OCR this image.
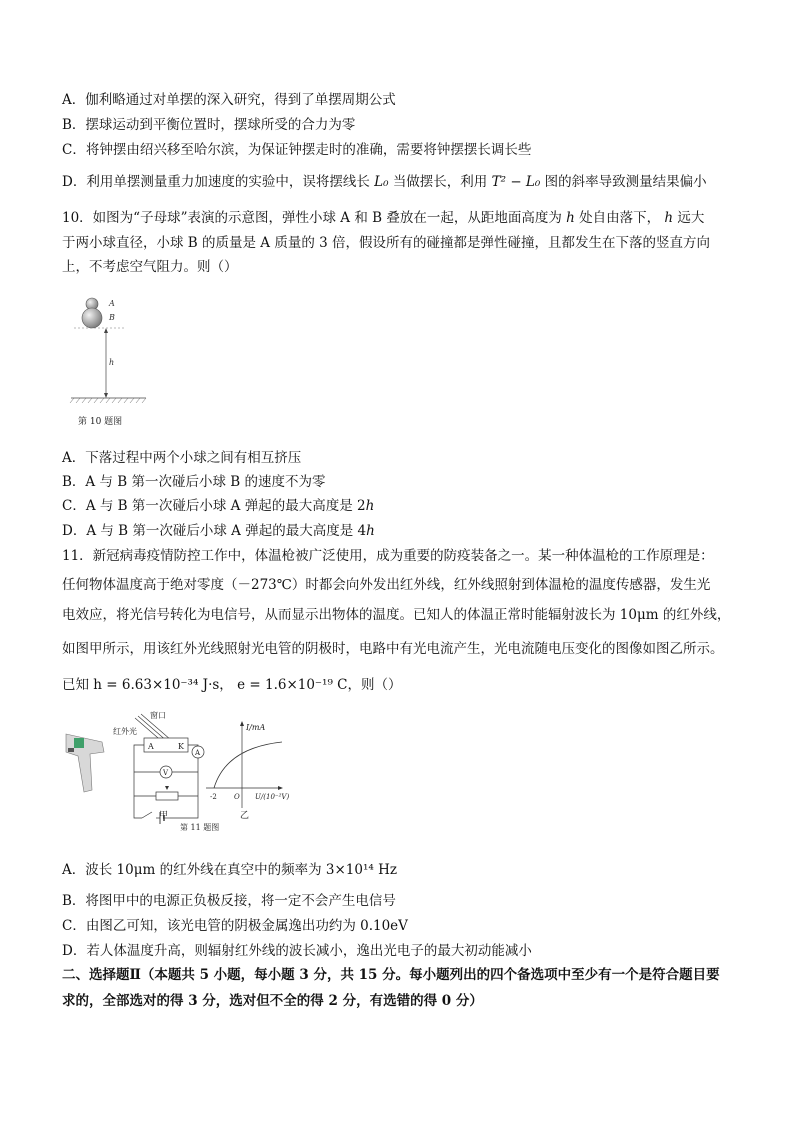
A．伽利略通过对单摆的深入研究，得到了单摆周期公式
B．摆球运动到平衡位置时，摆球所受的合力为零
C．将钟摆由绍兴移至哈尔滨，为保证钟摆走时的准确，需要将钟摆摆长调长些
D．利用单摆测量重力加速度的实验中，误将摆线长 L₀ 当做摆长，利用 T² − L₀ 图的斜率导致测量结果偏小
10．如图为“子母球”表演的示意图，弹性小球 A 和 B 叠放在一起，从距地面高度为 h 处自由落下， h 远大
于两小球直径，小球 B 的质量是 A 质量的 3 倍，假设所有的碰撞都是弹性碰撞，且都发生在下落的竖直方向
上，不考虑空气阻力。则（）
A
B
h
第 10 题图
A．下落过程中两个小球之间有相互挤压
B．A 与 B 第一次碰后小球 B 的速度不为零
C．A 与 B 第一次碰后小球 A 弹起的最大高度是 2h
D．A 与 B 第一次碰后小球 A 弹起的最大高度是 4h
11．新冠病毒疫情防控工作中，体温枪被广泛使用，成为重要的防疫装备之一。某一种体温枪的工作原理是：
任何物体温度高于绝对零度（－273℃）时都会向外发出红外线，红外线照射到体温枪的温度传感器，发生光
电效应，将光信号转化为电信号，从而显示出物体的温度。已知人的体温正常时能辐射波长为 10μm 的红外线，
如图甲所示，用该红外光线照射光电管的阴极时，电路中有光电流产生，光电流随电压变化的图像如图乙所示。
已知 h = 6.63×10⁻³⁴ J·s， e = 1.6×10⁻¹⁹ C，则（）
窗口
红外光
A	K
A
V
I/mA
U/(10⁻²V)
-2 O
甲	乙
第 11 题图
A．波长 10μm 的红外线在真空中的频率为 3×10¹⁴ Hz
B．将图甲中的电源正负极反接，将一定不会产生电信号
C．由图乙可知，该光电管的阴极金属逸出功约为 0.10eV
D．若人体温度升高，则辐射红外线的波长减小，逸出光电子的最大初动能减小
二、选择题Ⅱ（本题共 5 小题，每小题 3 分，共 15 分。每小题列出的四个备选项中至少有一个是符合题目要
求的，全部选对的得 3 分，选对但不全的得 2 分，有选错的得 0 分）
